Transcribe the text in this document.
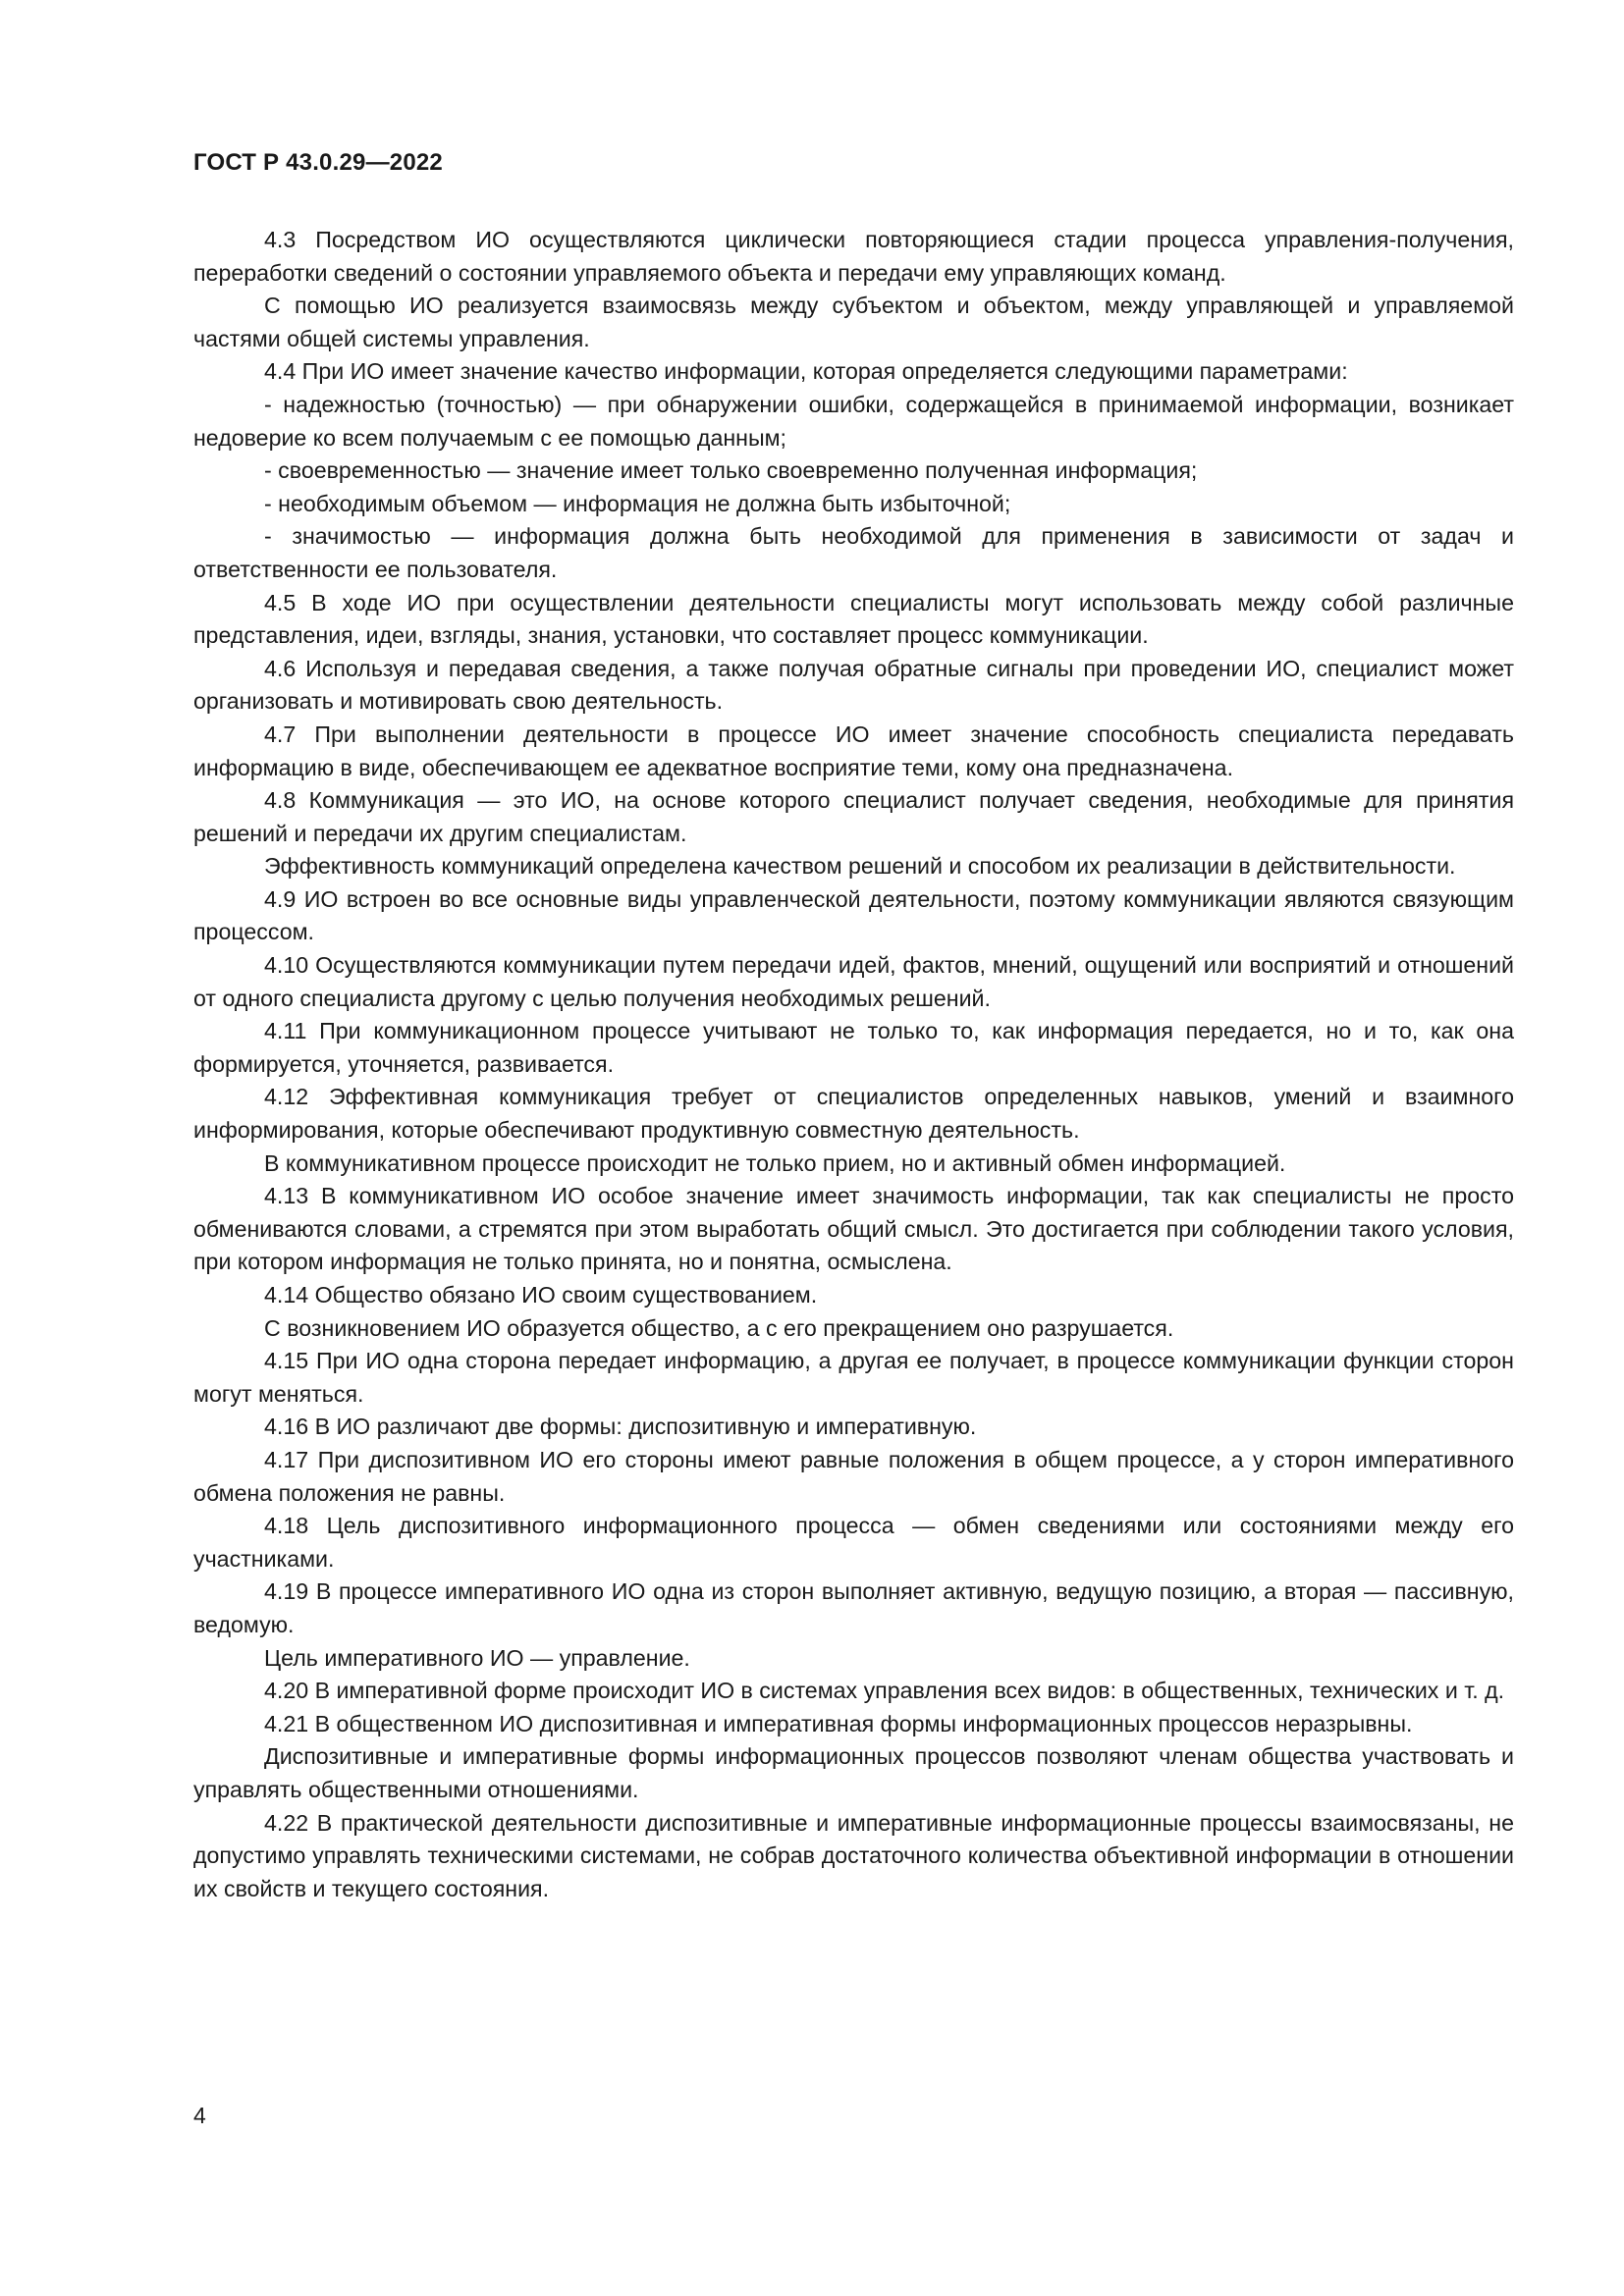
ГОСТ Р 43.0.29—2022

4.3 Посредством ИО осуществляются циклически повторяющиеся стадии процесса управления-получения, переработки сведений о состоянии управляемого объекта и передачи ему управляющих команд.

С помощью ИО реализуется взаимосвязь между субъектом и объектом, между управляющей и управляемой частями общей системы управления.

4.4 При ИО имеет значение качество информации, которая определяется следующими параметрами:

- надежностью (точностью) — при обнаружении ошибки, содержащейся в принимаемой информации, возникает недоверие ко всем получаемым с ее помощью данным;

- своевременностью — значение имеет только своевременно полученная информация;

- необходимым объемом — информация не должна быть избыточной;

- значимостью — информация должна быть необходимой для применения в зависимости от задач и ответственности ее пользователя.

4.5 В ходе ИО при осуществлении деятельности специалисты могут использовать между собой различные представления, идеи, взгляды, знания, установки, что составляет процесс коммуникации.

4.6 Используя и передавая сведения, а также получая обратные сигналы при проведении ИО, специалист может организовать и мотивировать свою деятельность.

4.7 При выполнении деятельности в процессе ИО имеет значение способность специалиста передавать информацию в виде, обеспечивающем ее адекватное восприятие теми, кому она предназначена.

4.8 Коммуникация — это ИО, на основе которого специалист получает сведения, необходимые для принятия решений и передачи их другим специалистам.

Эффективность коммуникаций определена качеством решений и способом их реализации в действительности.

4.9 ИО встроен во все основные виды управленческой деятельности, поэтому коммуникации являются связующим процессом.

4.10 Осуществляются коммуникации путем передачи идей, фактов, мнений, ощущений или восприятий и отношений от одного специалиста другому с целью получения необходимых решений.

4.11 При коммуникационном процессе учитывают не только то, как информация передается, но и то, как она формируется, уточняется, развивается.

4.12 Эффективная коммуникация требует от специалистов определенных навыков, умений и взаимного информирования, которые обеспечивают продуктивную совместную деятельность.

В коммуникативном процессе происходит не только прием, но и активный обмен информацией.

4.13 В коммуникативном ИО особое значение имеет значимость информации, так как специалисты не просто обмениваются словами, а стремятся при этом выработать общий смысл. Это достигается при соблюдении такого условия, при котором информация не только принята, но и понятна, осмыслена.

4.14 Общество обязано ИО своим существованием.

С возникновением ИО образуется общество, а с его прекращением оно разрушается.

4.15 При ИО одна сторона передает информацию, а другая ее получает, в процессе коммуникации функции сторон могут меняться.

4.16 В ИО различают две формы: диспозитивную и императивную.

4.17 При диспозитивном ИО его стороны имеют равные положения в общем процессе, а у сторон императивного обмена положения не равны.

4.18 Цель диспозитивного информационного процесса — обмен сведениями или состояниями между его участниками.

4.19 В процессе императивного ИО одна из сторон выполняет активную, ведущую позицию, а вторая — пассивную, ведомую.

Цель императивного ИО — управление.

4.20 В императивной форме происходит ИО в системах управления всех видов: в общественных, технических и т. д.

4.21 В общественном ИО диспозитивная и императивная формы информационных процессов неразрывны.

Диспозитивные и императивные формы информационных процессов позволяют членам общества участвовать и управлять общественными отношениями.

4.22 В практической деятельности диспозитивные и императивные информационные процессы взаимосвязаны, не допустимо управлять техническими системами, не собрав достаточного количества объективной информации в отношении их свойств и текущего состояния.

4
